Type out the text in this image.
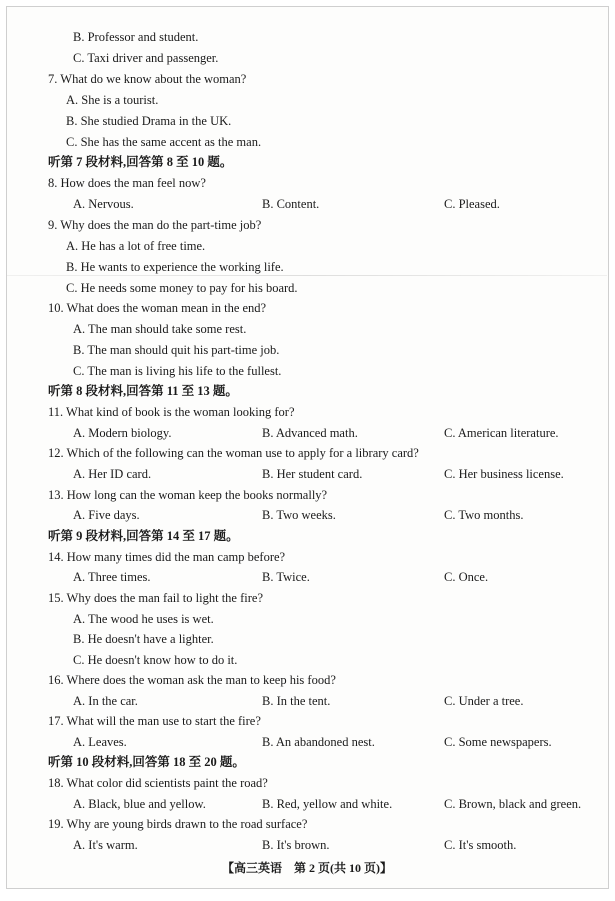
B. Professor and student.
C. Taxi driver and passenger.
7. What do we know about the woman?
A. She is a tourist.
B. She studied Drama in the UK.
C. She has the same accent as the man.
听第 7 段材料,回答第 8 至 10 题。
8. How does the man feel now?
A. Nervous.	B. Content.	C. Pleased.
9. Why does the man do the part-time job?
A. He has a lot of free time.
B. He wants to experience the working life.
C. He needs some money to pay for his board.
10. What does the woman mean in the end?
A. The man should take some rest.
B. The man should quit his part-time job.
C. The man is living his life to the fullest.
听第 8 段材料,回答第 11 至 13 题。
11. What kind of book is the woman looking for?
A. Modern biology.	B. Advanced math.	C. American literature.
12. Which of the following can the woman use to apply for a library card?
A. Her ID card.	B. Her student card.	C. Her business license.
13. How long can the woman keep the books normally?
A. Five days.	B. Two weeks.	C. Two months.
听第 9 段材料,回答第 14 至 17 题。
14. How many times did the man camp before?
A. Three times.	B. Twice.	C. Once.
15. Why does the man fail to light the fire?
A. The wood he uses is wet.
B. He doesn't have a lighter.
C. He doesn't know how to do it.
16. Where does the woman ask the man to keep his food?
A. In the car.	B. In the tent.	C. Under a tree.
17. What will the man use to start the fire?
A. Leaves.	B. An abandoned nest.	C. Some newspapers.
听第 10 段材料,回答第 18 至 20 题。
18. What color did scientists paint the road?
A. Black, blue and yellow.	B. Red, yellow and white.	C. Brown, black and green.
19. Why are young birds drawn to the road surface?
A. It's warm.	B. It's brown.	C. It's smooth.
【高三英语　第 2 页(共 10 页)】
